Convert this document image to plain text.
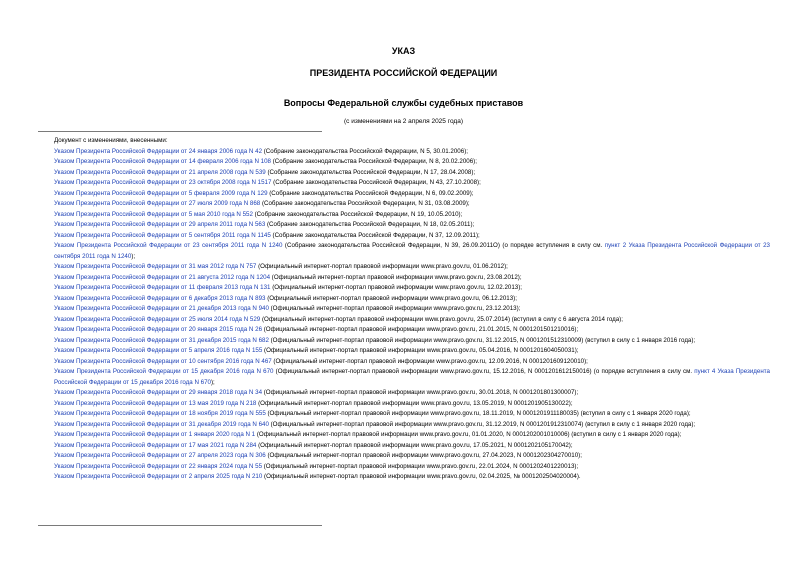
УКАЗ
ПРЕЗИДЕНТА РОССИЙСКОЙ ФЕДЕРАЦИИ
Вопросы Федеральной службы судебных приставов
(с изменениями на 2 апреля 2025 года)
Документ с изменениями, внесенными:
Указом Президента Российской Федерации от 24 января 2006 года N 42 (Собрание законодательства Российской Федерации, N 5, 30.01.2006);
Указом Президента Российской Федерации от 14 февраля 2006 года N 108 (Собрание законодательства Российской Федерации, N 8, 20.02.2006);
Указом Президента Российской Федерации от 21 апреля 2008 года N 539 (Собрание законодательства Российской Федерации, N 17, 28.04.2008);
Указом Президента Российской Федерации от 23 октября 2008 года N 1517 (Собрание законодательства Российской Федерации, N 43, 27.10.2008);
Указом Президента Российской Федерации от 5 февраля 2009 года N 129 (Собрание законодательства Российской Федерации, N 6, 09.02.2009);
Указом Президента Российской Федерации от 27 июля 2009 года N 868 (Собрание законодательства Российской Федерации, N 31, 03.08.2009);
Указом Президента Российской Федерации от 5 мая 2010 года N 552 (Собрание законодательства Российской Федерации, N 19, 10.05.2010);
Указом Президента Российской Федерации от 29 апреля 2011 года N 563 (Собрание законодательства Российской Федерации, N 18, 02.05.2011);
Указом Президента Российской Федерации от 5 сентября 2011 года N 1145 (Собрание законодательства Российской Федерации, N 37, 12.09.2011);
Указом Президента Российской Федерации от 23 сентября 2011 года N 1240 (Собрание законодательства Российской Федерации, N 39, 26.09.2011О) (о порядке вступления в силу см. пункт 2 Указа Президента Российской Федерации от 23 сентября 2011 года N 1240);
Указом Президента Российской Федерации от 31 мая 2012 года N 757 (Официальный интернет-портал правовой информации www.pravo.gov.ru, 01.06.2012);
Указом Президента Российской Федерации от 21 августа 2012 года N 1204 (Официальный интернет-портал правовой информации www.pravo.gov.ru, 23.08.2012);
Указом Президента Российской Федерации от 11 февраля 2013 года N 131 (Официальный интернет-портал правовой информации www.pravo.gov.ru, 12.02.2013);
Указом Президента Российской Федерации от 6 декабря 2013 года N 893 (Официальный интернет-портал правовой информации www.pravo.gov.ru, 06.12.2013);
Указом Президента Российской Федерации от 21 декабря 2013 года N 940 (Официальный интернет-портал правовой информации www.pravo.gov.ru, 23.12.2013);
Указом Президента Российской Федерации от 25 июля 2014 года N 529 (Официальный интернет-портал правовой информации www.pravo.gov.ru, 25.07.2014) (вступил в силу с 6 августа 2014 года);
Указом Президента Российской Федерации от 20 января 2015 года N 26 (Официальный интернет-портал правовой информации www.pravo.gov.ru, 21.01.2015, N 0001201501210016);
Указом Президента Российской Федерации от 31 декабря 2015 года N 682 (Официальный интернет-портал правовой информации www.pravo.gov.ru, 31.12.2015, N 0001201512310009) (вступил в силу с 1 января 2016 года);
Указом Президента Российской Федерации от 5 апреля 2016 года N 155 (Официальный интернет-портал правовой информации www.pravo.gov.ru, 05.04.2016, N 0001201604050031);
Указом Президента Российской Федерации от 10 сентября 2016 года N 467 (Официальный интернет-портал правовой информации www.pravo.gov.ru, 12.09.2016, N 0001201609120010);
Указом Президента Российской Федерации от 15 декабря 2016 года N 670 (Официальный интернет-портал правовой информации www.pravo.gov.ru, 15.12.2016, N 0001201612150016) (о порядке вступления в силу см. пункт 4 Указа Президента Российской Федерации от 15 декабря 2016 года N 670);
Указом Президента Российской Федерации от 29 января 2018 года N 34 (Официальный интернет-портал правовой информации www.pravo.gov.ru, 30.01.2018, N 0001201801300007);
Указом Президента Российской Федерации от 13 мая 2019 года N 218 (Официальный интернет-портал правовой информации www.pravo.gov.ru, 13.05.2019, N 0001201905130022);
Указом Президента Российской Федерации от 18 ноября 2019 года N 555 (Официальный интернет-портал правовой информации www.pravo.gov.ru, 18.11.2019, N 0001201911180035) (вступил в силу с 1 января 2020 года);
Указом Президента Российской Федерации от 31 декабря 2019 года N 640 (Официальный интернет-портал правовой информации www.pravo.gov.ru, 31.12.2019, N 0001201912310074) (вступил в силу с 1 января 2020 года);
Указом Президента Российской Федерации от 1 января 2020 года N 1 (Официальный интернет-портал правовой информации www.pravo.gov.ru, 01.01.2020, N 0001202001010006) (вступил в силу с 1 января 2020 года);
Указом Президента Российской Федерации от 17 мая 2021 года N 284 (Официальный интернет-портал правовой информации www.pravo.gov.ru, 17.05.2021, N 0001202105170042);
Указом Президента Российской Федерации от 27 апреля 2023 года N 306 (Официальный интернет-портал правовой информации www.pravo.gov.ru, 27.04.2023, N 0001202304270010);
Указом Президента Российской Федерации от 22 января 2024 года N 55 (Официальный интернет-портал правовой информации www.pravo.gov.ru, 22.01.2024, N 0001202401220013);
Указом Президента Российской Федерации от 2 апреля 2025 года N 210 (Официальный интернет-портал правовой информации www.pravo.gov.ru, 02.04.2025, № 0001202504020004).
